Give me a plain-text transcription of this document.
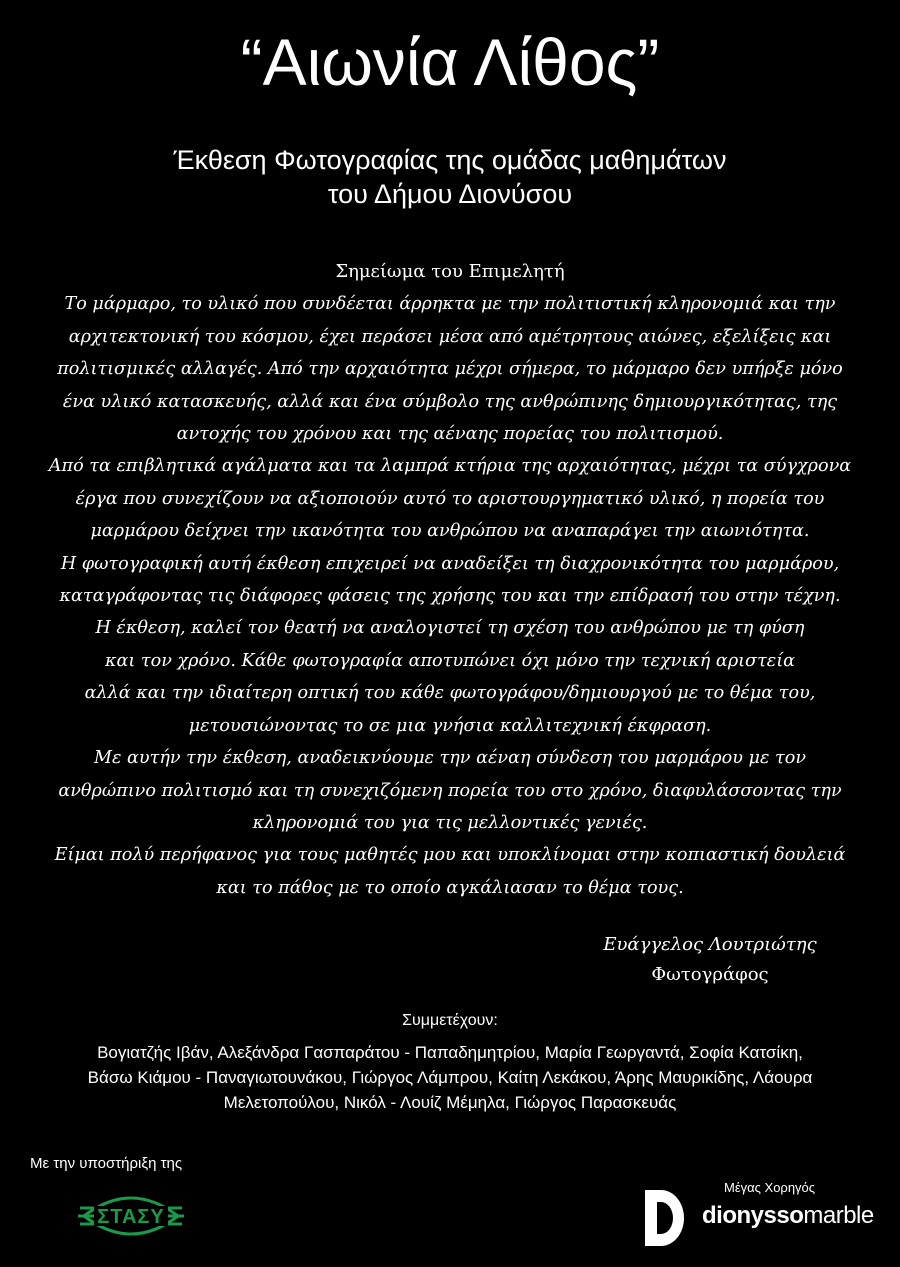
“Αιωνία Λίθος”
Έκθεση Φωτογραφίας της ομάδας μαθημάτων
του Δήμου Διονύσου
Σημείωμα του Επιμελητή
Το μάρμαρο, το υλικό που συνδέεται άρρηκτα με την πολιτιστική κληρονομιά και την
αρχιτεκτονική του κόσμου, έχει περάσει μέσα από αμέτρητους αιώνες, εξελίξεις και
πολιτισμικές αλλαγές. Από την αρχαιότητα μέχρι σήμερα, το μάρμαρο δεν υπήρξε μόνο
ένα υλικό κατασκευής, αλλά και ένα σύμβολο της ανθρώπινης δημιουργικότητας, της
αντοχής του χρόνου και της αέναης πορείας του πολιτισμού.
Από τα επιβλητικά αγάλματα και τα λαμπρά κτήρια της αρχαιότητας, μέχρι τα σύγχρονα
έργα που συνεχίζουν να αξιοποιούν αυτό το αριστουργηματικό υλικό, η πορεία του
μαρμάρου δείχνει την ικανότητα του ανθρώπου να αναπαράγει την αιωνιότητα.
Η φωτογραφική αυτή έκθεση επιχειρεί να αναδείξει τη διαχρονικότητα του μαρμάρου,
καταγράφοντας τις διάφορες φάσεις της χρήσης του και την επίδρασή του στην τέχνη.
Η έκθεση, καλεί τον θεατή να αναλογιστεί τη σχέση του ανθρώπου με τη φύση
και τον χρόνο. Κάθε φωτογραφία αποτυπώνει όχι μόνο την τεχνική αριστεία
αλλά και την ιδιαίτερη οπτική του κάθε φωτογράφου/δημιουργού με το θέμα του,
μετουσιώνοντας το σε μια γνήσια καλλιτεχνική έκφραση.
Με αυτήν την έκθεση, αναδεικνύουμε την αέναη σύνδεση του μαρμάρου με τον
ανθρώπινο πολιτισμό και τη συνεχιζόμενη πορεία του στο χρόνο, διαφυλάσσοντας την
κληρονομιά του για τις μελλοντικές γενιές.
Είμαι πολύ περήφανος για τους μαθητές μου και υποκλίνομαι στην κοπιαστική δουλειά
και το πάθος με το οποίο αγκάλιασαν το θέμα τους.
Ευάγγελος Λουτριώτης
Φωτογράφος
Συμμετέχουν:
Βογιατζής Ιβάν, Αλεξάνδρα Γασπαράτου - Παπαδημητρίου, Μαρία Γεωργαντά, Σοφία Κατσίκη,
Βάσω Κιάμου - Παναγιωτουνάκου, Γιώργος Λάμπρου, Καίτη Λεκάκου, Άρης Μαυρικίδης, Λάουρα
Μελετοπούλου, Νικόλ - Λουίζ Μέμηλα, Γιώργος Παρασκευάς
Με την υποστήριξη της
ΣΤΑΣΥ
Μέγας Χορηγός
dionyssomarble
